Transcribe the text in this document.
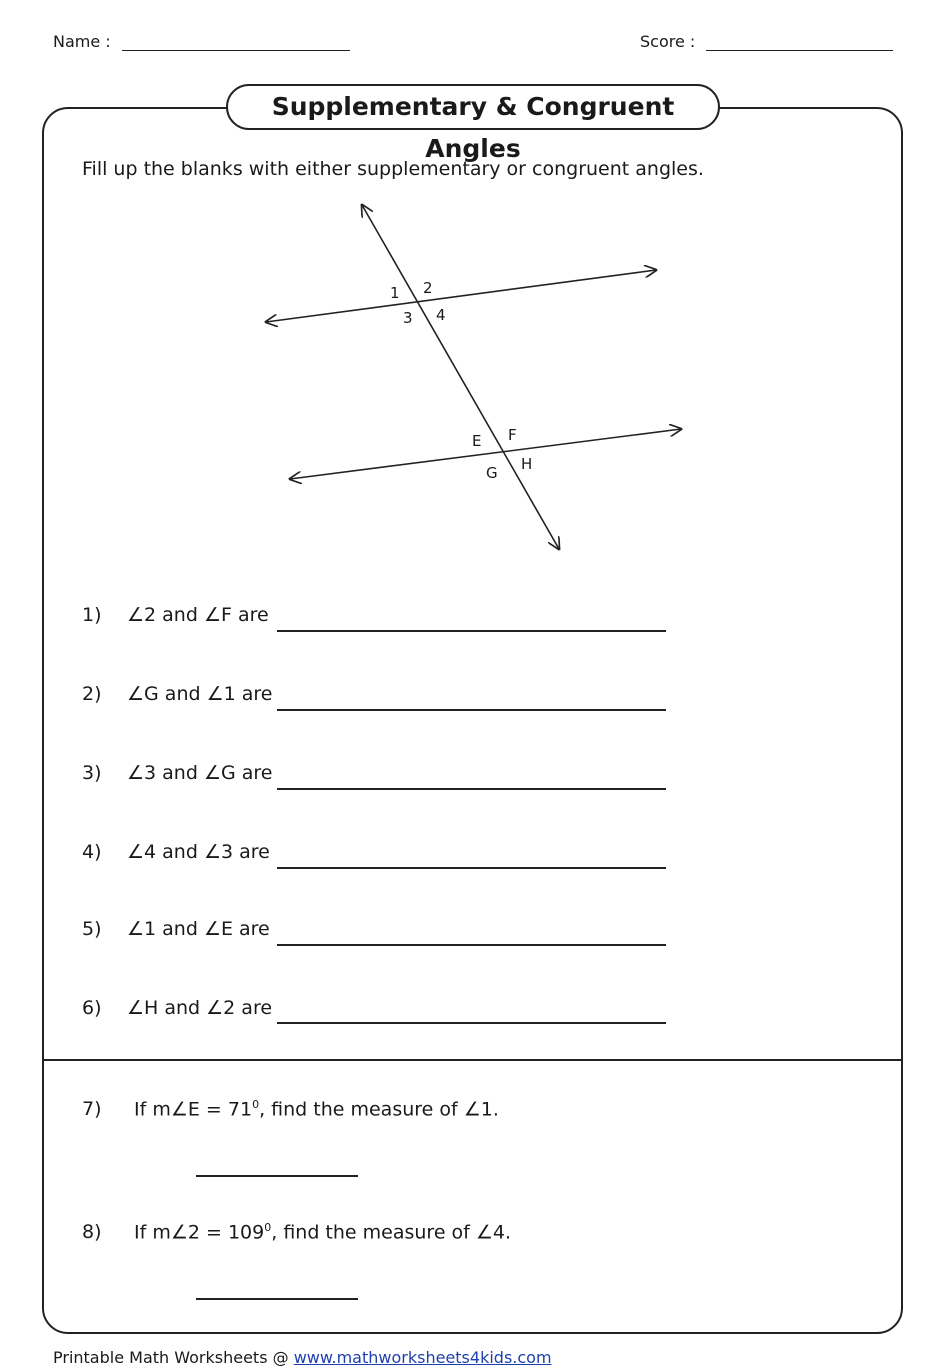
Name :	Score :
Supplementary & Congruent Angles
Fill up the blanks with either supplementary or congruent angles.
1 2
3 4
E F
G H
1) ∠2 and ∠F are
2) ∠G and ∠1 are
3) ∠3 and ∠G are
4) ∠4 and ∠3 are
5) ∠1 and ∠E are
6) ∠H and ∠2 are
7) If m∠E = $71^0$, find the measure of ∠1.
8) If m∠2 = $109^0$, find the measure of ∠4.
Printable Math Worksheets @ www.mathworksheets4kids.com
